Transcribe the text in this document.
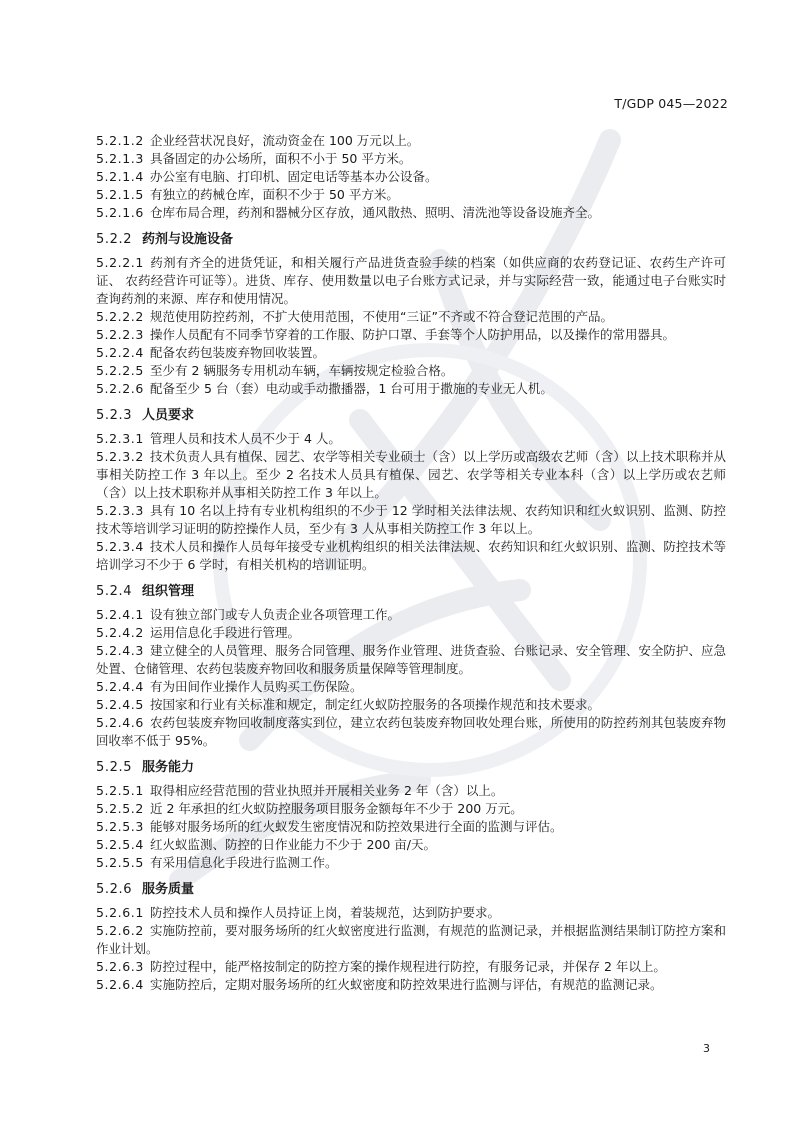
T/GDP 045—2022

5.2.1.2 企业经营状况良好，流动资金在 100 万元以上。

5.2.1.3 具备固定的办公场所，面积不小于 50 平方米。

5.2.1.4 办公室有电脑、打印机、固定电话等基本办公设备。

5.2.1.5 有独立的药械仓库，面积不少于 50 平方米。

5.2.1.6 仓库布局合理，药剂和器械分区存放，通风散热、照明、清洗池等设备设施齐全。

5.2.2 药剂与设施设备

5.2.2.1 药剂有齐全的进货凭证，和相关履行产品进货查验手续的档案（如供应商的农药登记证、农药生产许可证、 农药经营许可证等）。进货、库存、使用数量以电子台账方式记录，并与实际经营一致，能通过电子台账实时查询药剂的来源、库存和使用情况。

5.2.2.2 规范使用防控药剂，不扩大使用范围，不使用“三证”不齐或不符合登记范围的产品。

5.2.2.3 操作人员配有不同季节穿着的工作服、防护口罩、手套等个人防护用品，以及操作的常用器具。

5.2.2.4 配备农药包装废弃物回收装置。

5.2.2.5 至少有 2 辆服务专用机动车辆，车辆按规定检验合格。

5.2.2.6 配备至少 5 台（套）电动或手动撒播器，1 台可用于撒施的专业无人机。

5.2.3 人员要求

5.2.3.1 管理人员和技术人员不少于 4 人。

5.2.3.2 技术负责人具有植保、园艺、农学等相关专业硕士（含）以上学历或高级农艺师（含）以上技术职称并从事相关防控工作 3 年以上。至少 2 名技术人员具有植保、园艺、农学等相关专业本科（含）以上学历或农艺师（含）以上技术职称并从事相关防控工作 3 年以上。

5.2.3.3 具有 10 名以上持有专业机构组织的不少于 12 学时相关法律法规、农药知识和红火蚁识别、监测、防控技术等培训学习证明的防控操作人员，至少有 3 人从事相关防控工作 3 年以上。

5.2.3.4 技术人员和操作人员每年接受专业机构组织的相关法律法规、农药知识和红火蚁识别、监测、防控技术等培训学习不少于 6 学时，有相关机构的培训证明。

5.2.4 组织管理

5.2.4.1 设有独立部门或专人负责企业各项管理工作。

5.2.4.2 运用信息化手段进行管理。

5.2.4.3 建立健全的人员管理、服务合同管理、服务作业管理、进货查验、台账记录、安全管理、安全防护、应急处置、仓储管理、农药包装废弃物回收和服务质量保障等管理制度。

5.2.4.4 有为田间作业操作人员购买工伤保险。

5.2.4.5 按国家和行业有关标准和规定，制定红火蚁防控服务的各项操作规范和技术要求。

5.2.4.6 农药包装废弃物回收制度落实到位，建立农药包装废弃物回收处理台账，所使用的防控药剂其包装废弃物回收率不低于 95%。

5.2.5 服务能力

5.2.5.1 取得相应经营范围的营业执照并开展相关业务 2 年（含）以上。

5.2.5.2 近 2 年承担的红火蚁防控服务项目服务金额每年不少于 200 万元。

5.2.5.3 能够对服务场所的红火蚁发生密度情况和防控效果进行全面的监测与评估。

5.2.5.4 红火蚁监测、防控的日作业能力不少于 200 亩/天。

5.2.5.5 有采用信息化手段进行监测工作。

5.2.6 服务质量

5.2.6.1 防控技术人员和操作人员持证上岗，着装规范，达到防护要求。

5.2.6.2 实施防控前，要对服务场所的红火蚁密度进行监测，有规范的监测记录，并根据监测结果制订防控方案和作业计划。

5.2.6.3 防控过程中，能严格按制定的防控方案的操作规程进行防控，有服务记录，并保存 2 年以上。

5.2.6.4 实施防控后，定期对服务场所的红火蚁密度和防控效果进行监测与评估，有规范的监测记录。

3
